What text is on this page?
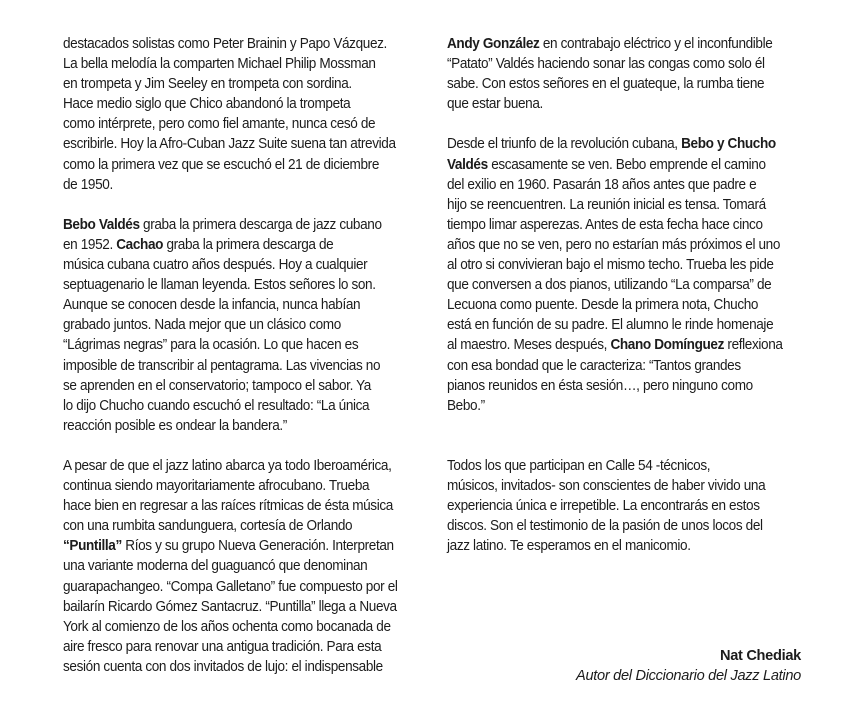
destacados solistas como Peter Brainin y Papo Vázquez.
La bella melodía la comparten Michael Philip Mossman
en trompeta y Jim Seeley en trompeta con sordina.
Hace medio siglo que Chico abandonó la trompeta
como intérprete, pero como fiel amante, nunca cesó de
escribirle. Hoy la Afro-Cuban Jazz Suite suena tan atrevida
como la primera vez que se escuchó el 21 de diciembre
de 1950.

Bebo Valdés graba la primera descarga de jazz cubano
en 1952. Cachao graba la primera descarga de
música cubana cuatro años después. Hoy a cualquier
septuagenario le llaman leyenda. Estos señores lo son.
Aunque se conocen desde la infancia, nunca habían
grabado juntos. Nada mejor que un clásico como
“Lágrimas negras” para la ocasión. Lo que hacen es
imposible de transcribir al pentagrama. Las vivencias no
se aprenden en el conservatorio; tampoco el sabor. Ya
lo dijo Chucho cuando escuchó el resultado: “La única
reacción posible es ondear la bandera.”

A pesar de que el jazz latino abarca ya todo Iberoamérica,
continua siendo mayoritariamente afrocubano. Trueba
hace bien en regresar a las raíces rítmicas de ésta música
con una rumbita sandunguera, cortesía de Orlando
“Puntilla” Ríos y su grupo Nueva Generación. Interpretan
una variante moderna del guaguancó que denominan
guarapachangeo. “Compa Galletano” fue compuesto por el
bailarín Ricardo Gómez Santacruz. “Puntilla” llega a Nueva
York al comienzo de los años ochenta como bocanada de
aire fresco para renovar una antigua tradición. Para esta
sesión cuenta con dos invitados de lujo: el indispensable

Andy González en contrabajo eléctrico y el inconfundible
“Patato” Valdés haciendo sonar las congas como solo él
sabe. Con estos señores en el guateque, la rumba tiene
que estar buena.

Desde el triunfo de la revolución cubana, Bebo y Chucho
Valdés escasamente se ven. Bebo emprende el camino
del exilio en 1960. Pasarán 18 años antes que padre e
hijo se reencuentren. La reunión inicial es tensa. Tomará
tiempo limar asperezas. Antes de esta fecha hace cinco
años que no se ven, pero no estarían más próximos el uno
al otro si convivieran bajo el mismo techo. Trueba les pide
que conversen a dos pianos, utilizando “La comparsa” de
Lecuona como puente. Desde la primera nota, Chucho
está en función de su padre. El alumno le rinde homenaje
al maestro. Meses después, Chano Domínguez reflexiona
con esa bondad que le caracteriza: “Tantos grandes
pianos reunidos en ésta sesión…, pero ninguno como
Bebo.”

Todos los que participan en Calle 54 -técnicos,
músicos, invitados- son conscientes de haber vivido una
experiencia única e irrepetible. La encontrarás en estos
discos. Son el testimonio de la pasión de unos locos del
jazz latino. Te esperamos en el manicomio.

Nat Chediak
Autor del Diccionario del Jazz Latino
